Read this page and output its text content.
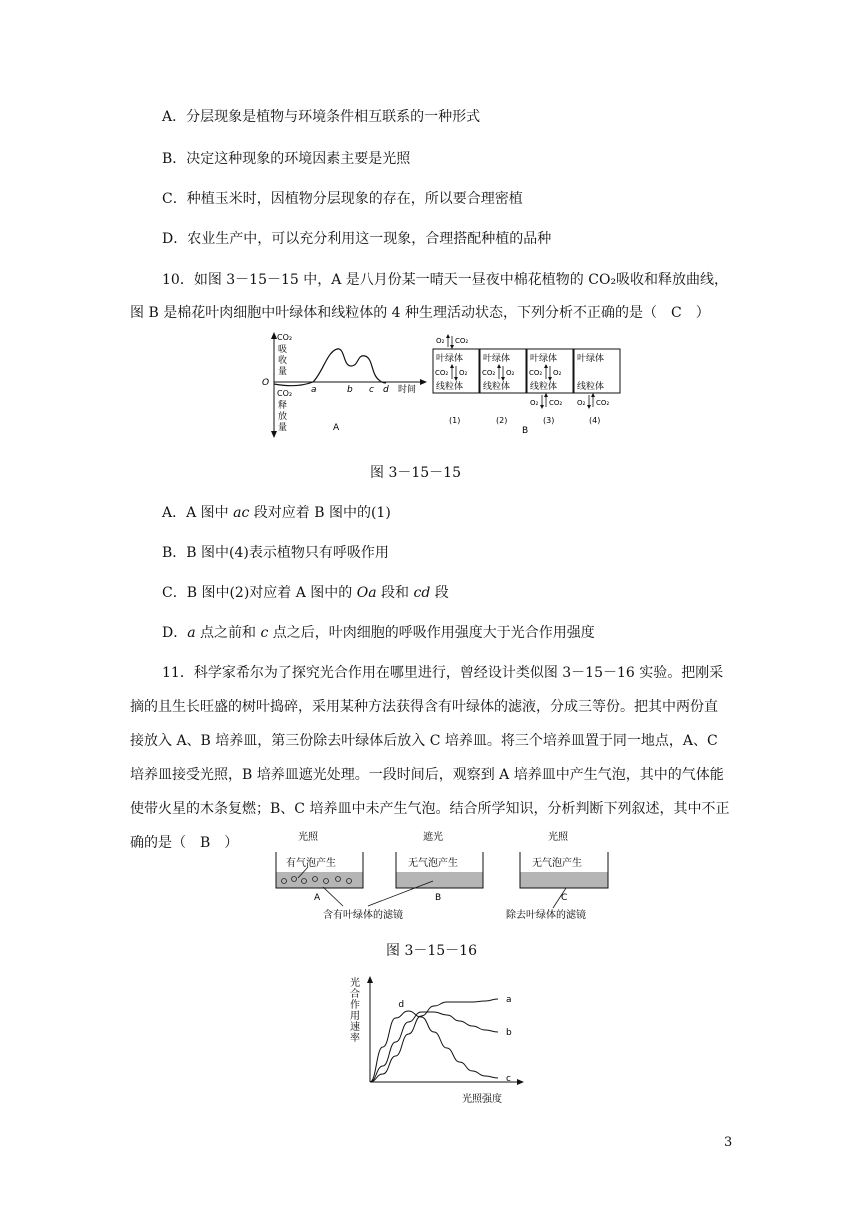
A．分层现象是植物与环境条件相互联系的一种形式
B．决定这种现象的环境因素主要是光照
C．种植玉米时，因植物分层现象的存在，所以要合理密植
D．农业生产中，可以充分利用这一现象，合理搭配种植的品种
10．如图 3－15－15 中，A 是八月份某一晴天一昼夜中棉花植物的 CO₂吸收和释放曲线，
图 B 是棉花叶肉细胞中叶绿体和线粒体的 4 种生理活动状态，下列分析不正确的是（　C　）
CO₂
吸
收
量
CO₂
释
放
量
O
a	b c d 时间
A
O₂ CO₂
叶绿体
CO₂ O₂
线粒体
叶绿体
CO₂ O₂
线粒体
叶绿体
CO₂ O₂
线粒体
O₂ CO₂
叶绿体
线粒体
O₂ CO₂
(1)	(2)	(3)	(4)
B
图 3－15－15
A．A 图中 ac 段对应着 B 图中的(1)
B．B 图中(4)表示植物只有呼吸作用
C．B 图中(2)对应着 A 图中的 Oa 段和 cd 段
D．a 点之前和 c 点之后，叶肉细胞的呼吸作用强度大于光合作用强度
11．科学家希尔为了探究光合作用在哪里进行，曾经设计类似图 3－15－16 实验。把刚采摘的且生长旺盛的树叶捣碎，采用某种方法获得含有叶绿体的滤液，分成三等份。把其中两份直接放入 A、B 培养皿，第三份除去叶绿体后放入 C 培养皿。将三个培养皿置于同一地点，A、C 培养皿接受光照，B 培养皿遮光处理。一段时间后，观察到 A 培养皿中产生气泡，其中的气体能使带火星的木条复燃；B、C 培养皿中未产生气泡。结合所学知识，分析判断下列叙述，其中不正确的是（　B　）	光照	遮光	光照
有气泡产生
A
无气泡产生
B
无气泡产生
C
含有叶绿体的滤镜	除去叶绿体的滤镜
图 3－15－16
光合作用速率
光照强度
a
b
c
d
3
